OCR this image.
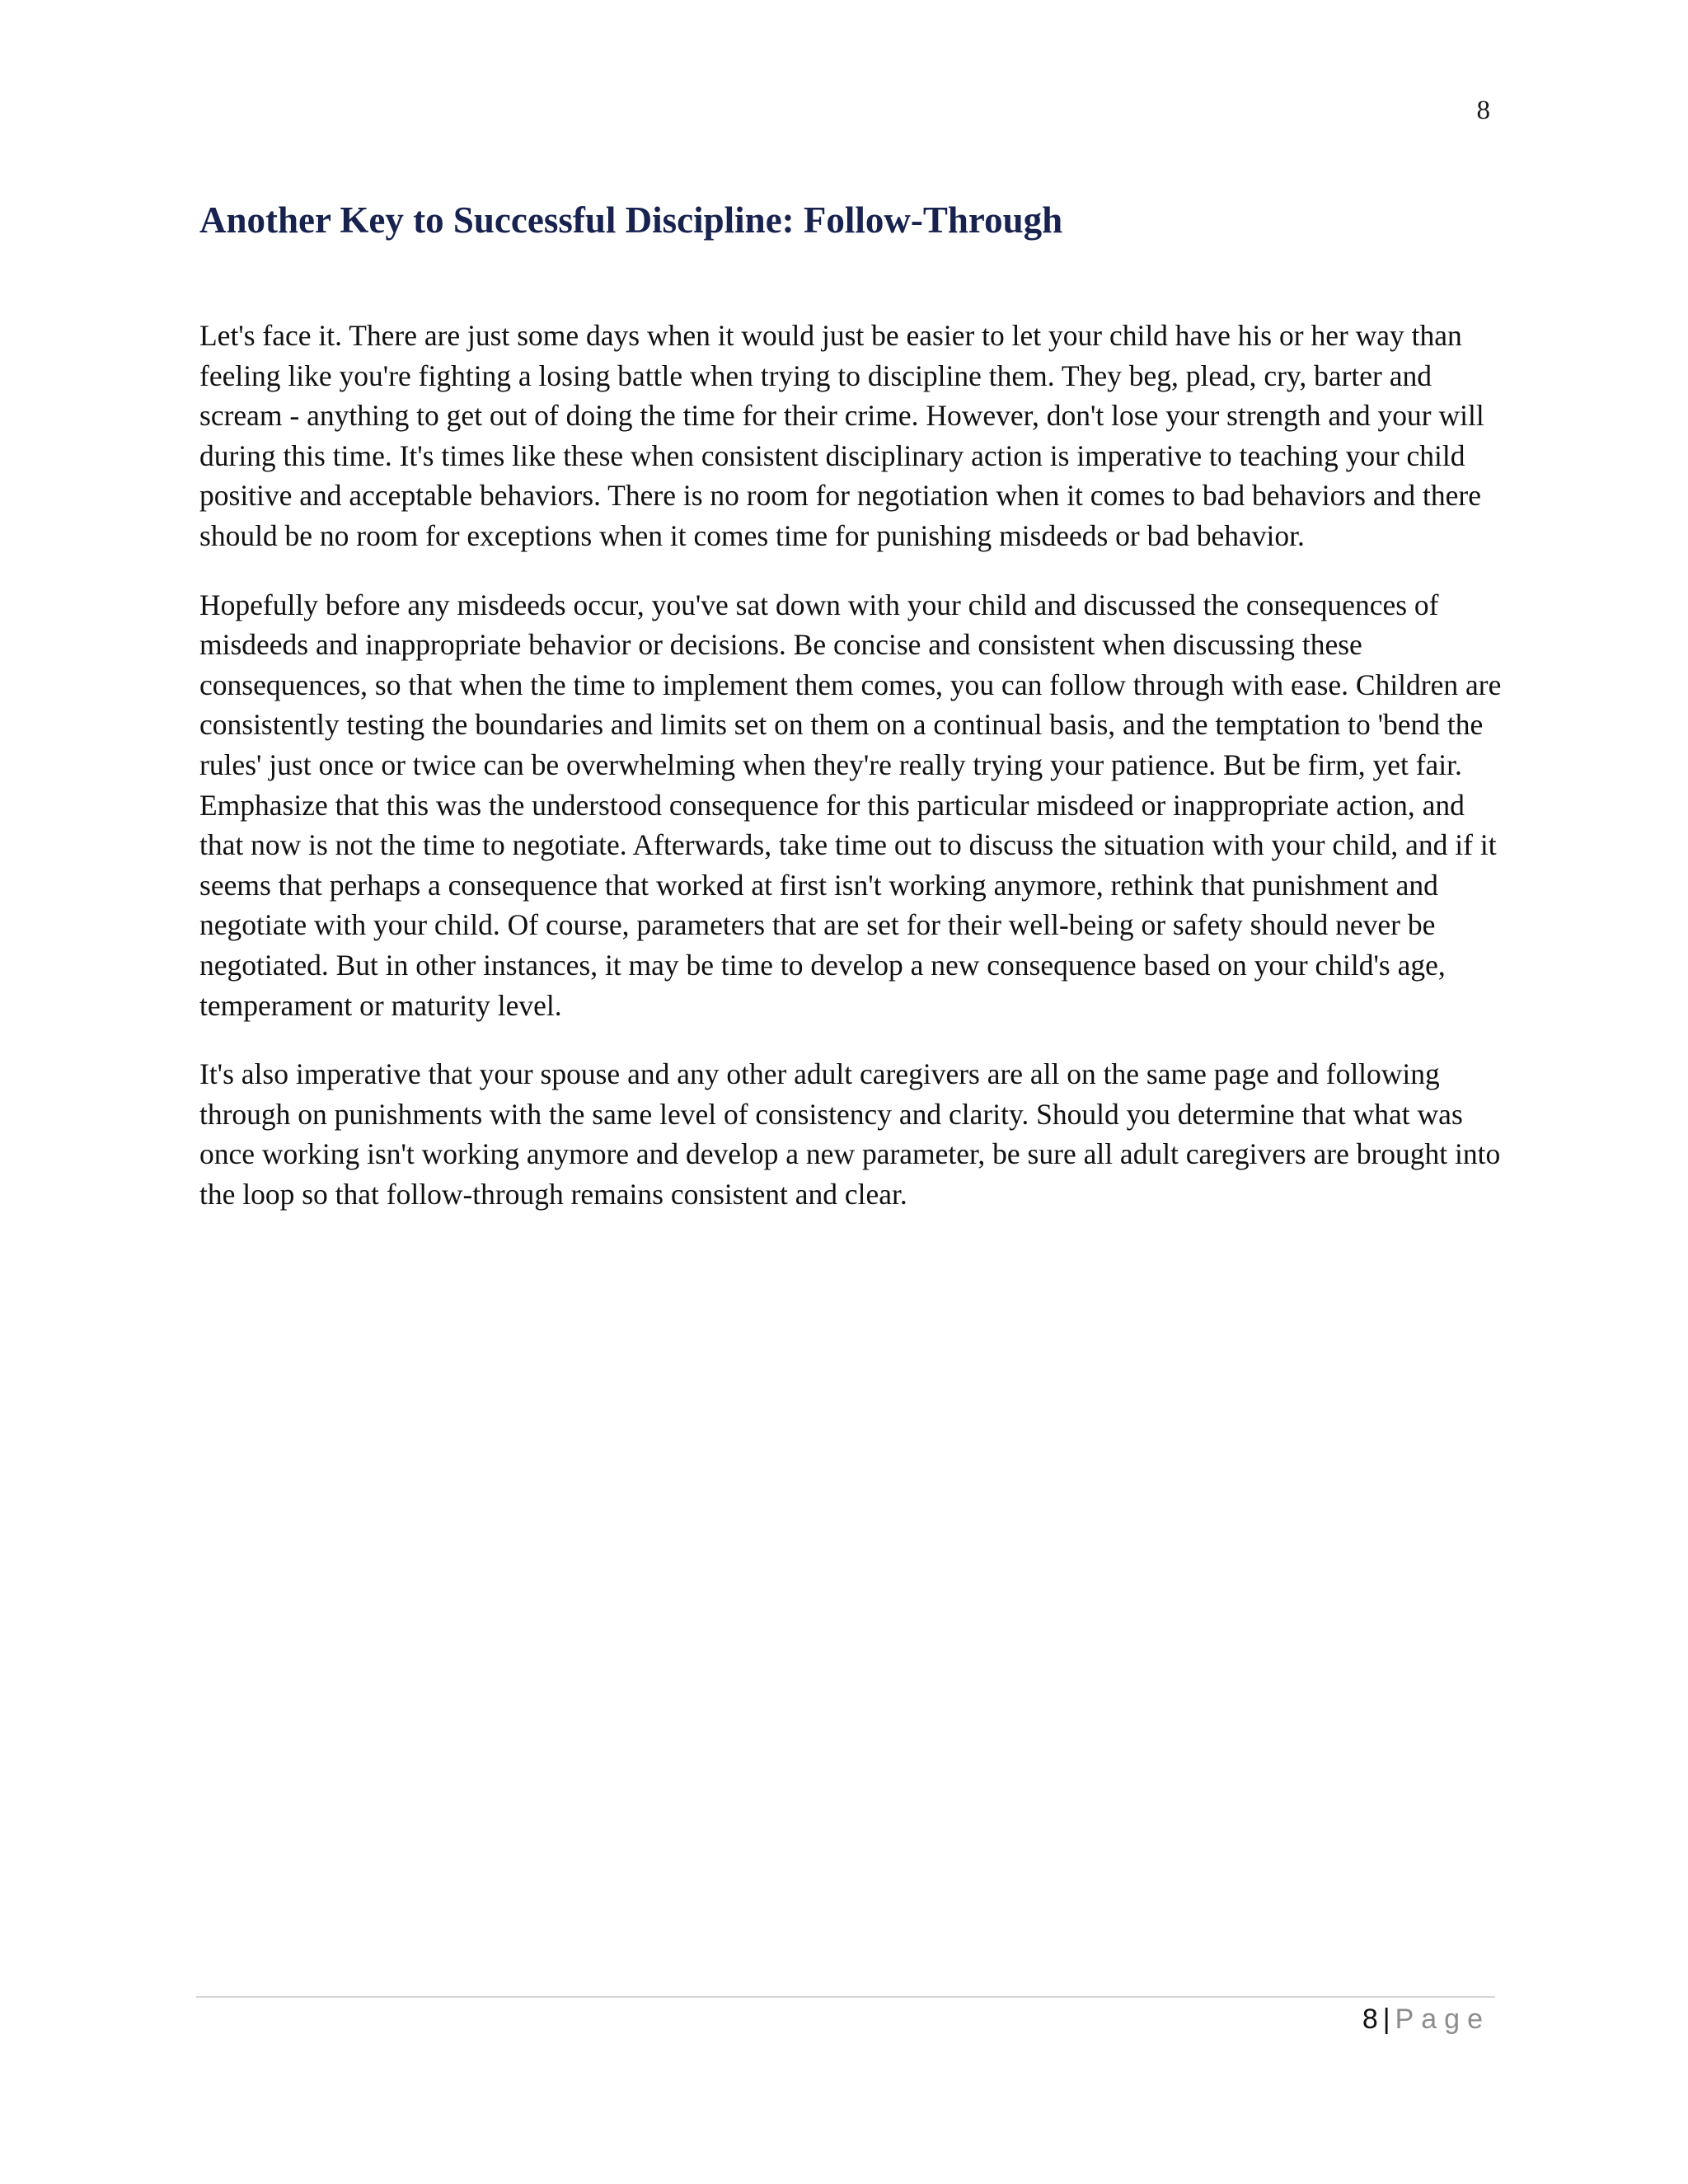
8
Another Key to Successful Discipline: Follow-Through

Let's face it. There are just some days when it would just be easier to let your child have his or her way than feeling like you're fighting a losing battle when trying to discipline them. They beg, plead, cry, barter and scream - anything to get out of doing the time for their crime. However, don't lose your strength and your will during this time. It's times like these when consistent disciplinary action is imperative to teaching your child positive and acceptable behaviors. There is no room for negotiation when it comes to bad behaviors and there should be no room for exceptions when it comes time for punishing misdeeds or bad behavior.

Hopefully before any misdeeds occur, you've sat down with your child and discussed the consequences of misdeeds and inappropriate behavior or decisions. Be concise and consistent when discussing these consequences, so that when the time to implement them comes, you can follow through with ease. Children are consistently testing the boundaries and limits set on them on a continual basis, and the temptation to 'bend the rules' just once or twice can be overwhelming when they're really trying your patience. But be firm, yet fair. Emphasize that this was the understood consequence for this particular misdeed or inappropriate action, and that now is not the time to negotiate. Afterwards, take time out to discuss the situation with your child, and if it seems that perhaps a consequence that worked at first isn't working anymore, rethink that punishment and negotiate with your child. Of course, parameters that are set for their well-being or safety should never be negotiated. But in other instances, it may be time to develop a new consequence based on your child's age, temperament or maturity level.

It's also imperative that your spouse and any other adult caregivers are all on the same page and following through on punishments with the same level of consistency and clarity. Should you determine that what was once working isn't working anymore and develop a new parameter, be sure all adult caregivers are brought into the loop so that follow-through remains consistent and clear.

8 | Page
